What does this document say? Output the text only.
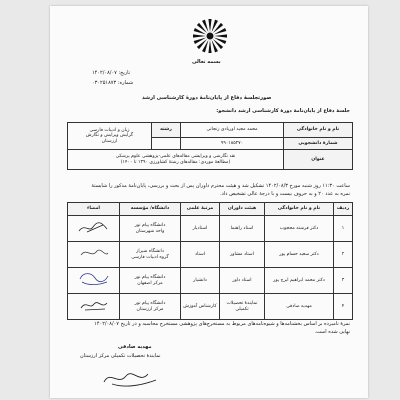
بسمه تعالی
تاریخ: ۱۴۰۲/۰۸/۰۷
شماره: ۰۳۰۲۵۱۸۷۳
صورتجلسهٔ دفاع از پایان‌نامهٔ دورهٔ کارشناسی ارشد
جلسهٔ دفاع از پایان‌نامهٔ دورهٔ کارشناسی ارشد دانشجو:
نام و نام خانوادگی	محمد مجید اوریادی زنجانی	رشته	زبان و ادبیات فارسی
گرایش ویرایش و نگارش
ارزستان

شمارهٔ دانشجویی	۹۹۰۱۸۵۲۷۰		
عنوان	نقد نگارشی و ویرایشی مقاله‌های علمی-پژوهشی علوم پزشکی
(مطالعهٔ موردی: مقاله‌های رشتهٔ کشاورزی ۱۳۹۰ تا ۱۴۰۰)		
ساعت ۱۱:۳۰ روز شنبه مورخ ۱۴۰۲/۰۸/۳ تشکیل شد و هیئت محترم داوران پس از بحث و بررسی، پایان‌نامهٔ مذکور را شایستهٔ
نمره به عدد ۲۰ و به حروف بیست و با درجهٔ عالی تشخیص داد.
ردیف	نام و نام خانوادگی	هیئت داوران	مرتبهٔ علمی	دانشگاه/ مؤسسه	امضاء
۱	دکتر فرشته محجوب	استاد راهنما	استادیار	دانشگاه پیام نور
واحد شهرستان

۲	دکتر سعید حسام پور	استاد مشاور	استاد	دانشگاه شیراز
گروه ادبیات فارسی

۳	دکتر محمد ابراهیم ایرج پور	استاد داور	دانشیار	دانشگاه پیام نور
مرکز اصفهان

۴	مهدیه صادقی	نمایندهٔ تحصیلات تکمیلی	کارشناس آموزش	دانشگاه پیام نور
مرکز ارزستان

نمرهٔ نامبرده بر اساس بخشنامه‌ها و شیوه‌نامه‌های مربوط به مستخرج‌های پژوهشی مستخرج محاسبه و در تاریخ ۱۴۰۲/۰۸/۰۷
نهایی شده است.
مهدیه صادقی
نمایندهٔ تحصیلات تکمیلی مرکز ارزستان
